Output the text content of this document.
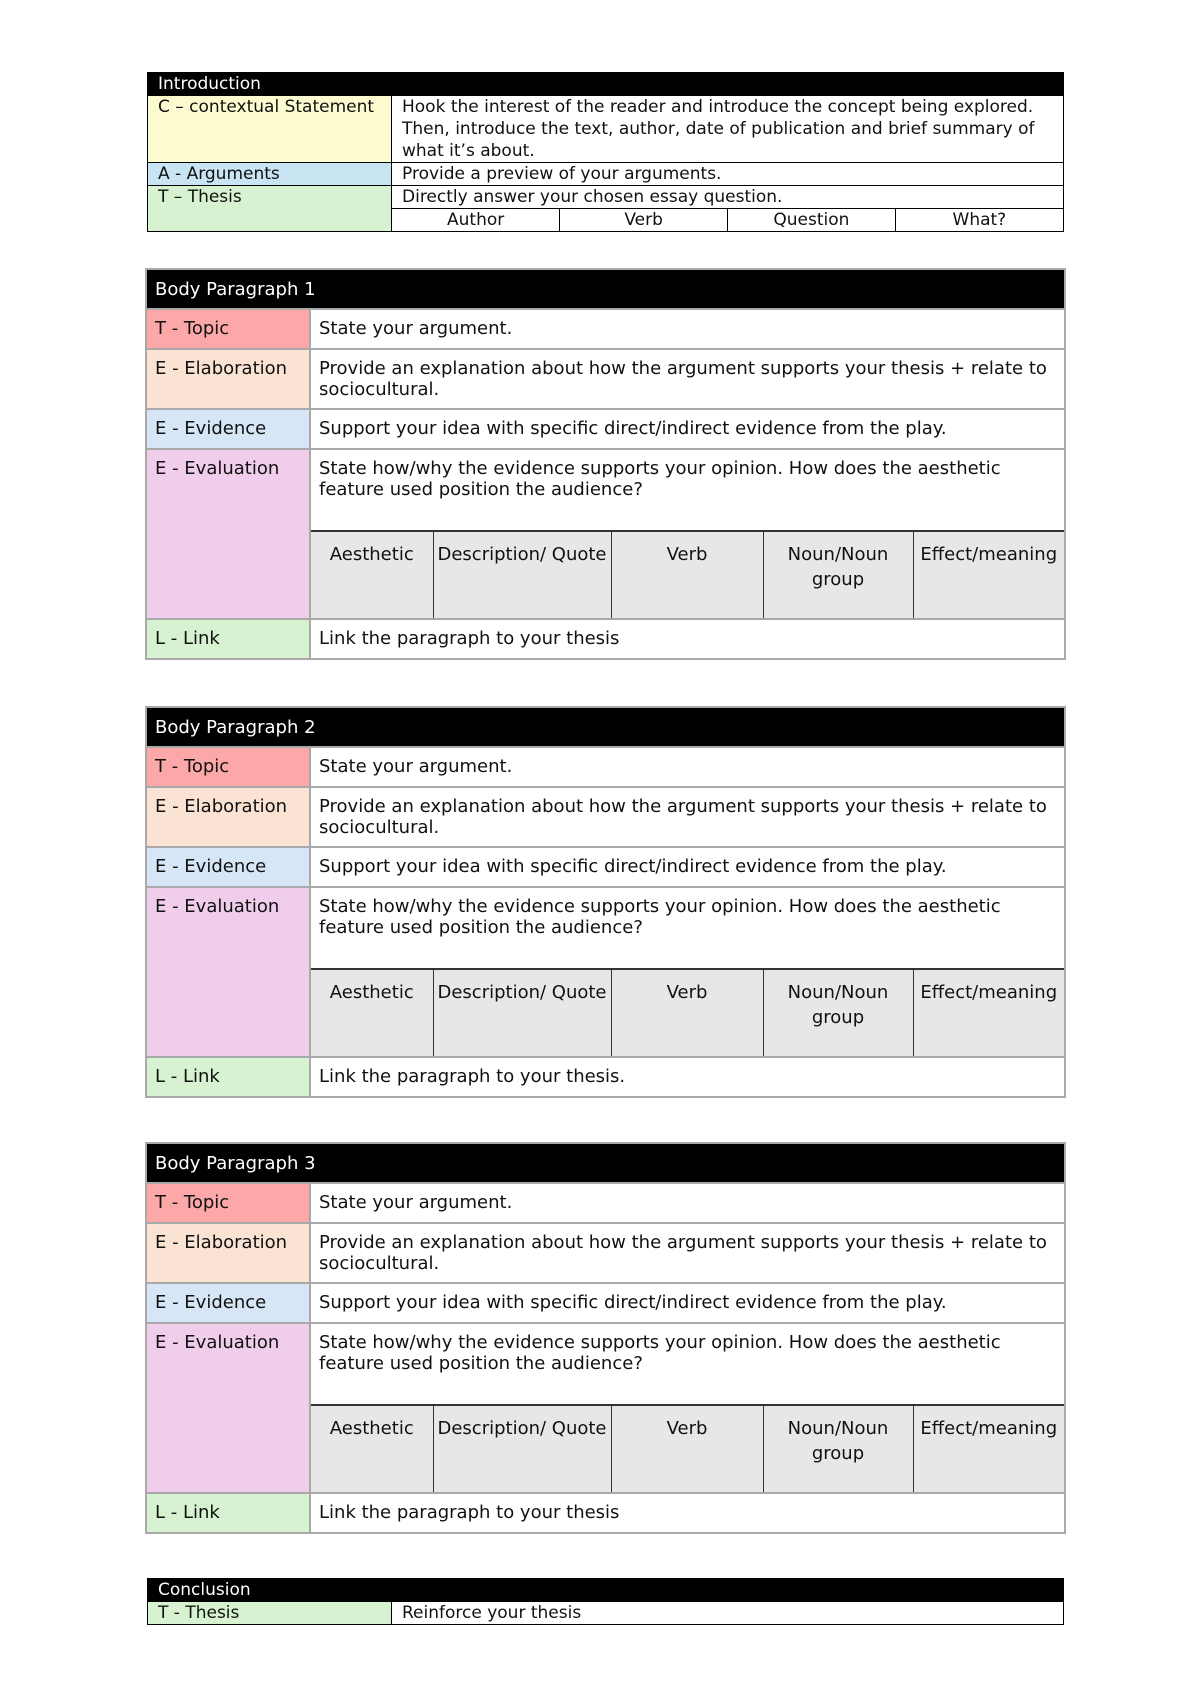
Introduction
C – contextual Statement	Hook the interest of the reader and introduce the concept being explored. Then, introduce the text, author, date of publication and brief summary of what it’s about.
A - Arguments	Provide a preview of your arguments.
T – Thesis	Directly answer your chosen essay question.

Author	Verb	Question	What?
Body Paragraph 1
T - Topic	State your argument.
E - Elaboration	Provide an explanation about how the argument supports your thesis + relate to sociocultural.
E - Evidence	Support your idea with specific direct/indirect evidence from the play.
E - Evaluation	State how/why the evidence supports your opinion. How does the aesthetic feature used position the audience?
Aesthetic	Description/ Quote	Verb	Noun/Noun group	Effect/meaning

L - Link	Link the paragraph to your thesis
Body Paragraph 2
T - Topic	State your argument.
E - Elaboration	Provide an explanation about how the argument supports your thesis + relate to sociocultural.
E - Evidence	Support your idea with specific direct/indirect evidence from the play.
E - Evaluation	State how/why the evidence supports your opinion. How does the aesthetic feature used position the audience?
Aesthetic	Description/ Quote	Verb	Noun/Noun group	Effect/meaning

L - Link	Link the paragraph to your thesis.
Body Paragraph 3
T - Topic	State your argument.
E - Elaboration	Provide an explanation about how the argument supports your thesis + relate to sociocultural.
E - Evidence	Support your idea with specific direct/indirect evidence from the play.
E - Evaluation	State how/why the evidence supports your opinion. How does the aesthetic feature used position the audience?
Aesthetic	Description/ Quote	Verb	Noun/Noun group	Effect/meaning

L - Link	Link the paragraph to your thesis
Conclusion
T - Thesis	Reinforce your thesis
